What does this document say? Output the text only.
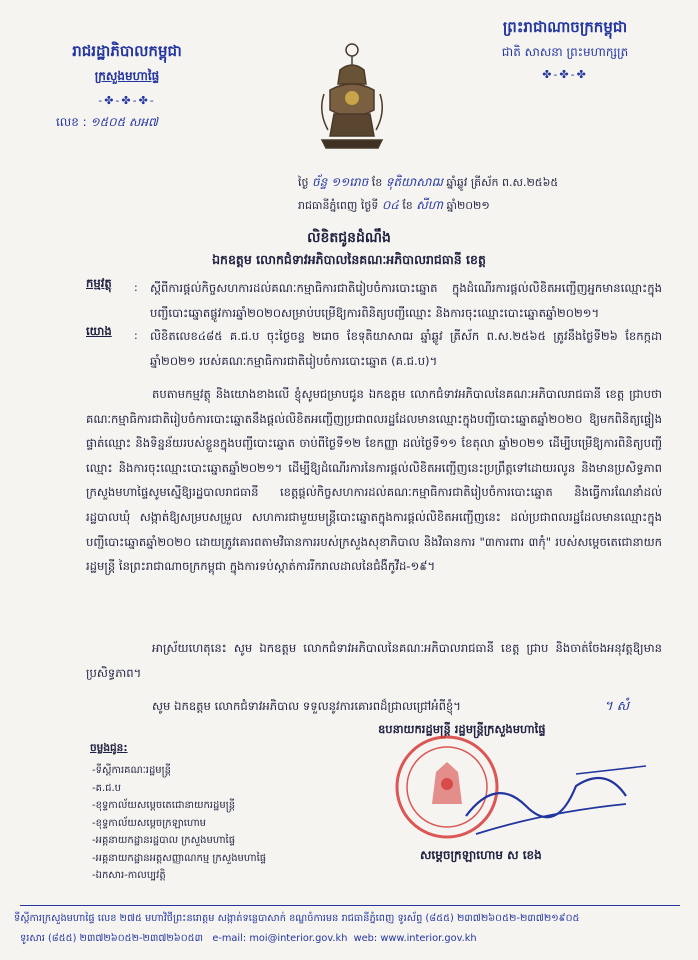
រាជរដ្ឋាភិបាលកម្ពុជា
ក្រសួងមហាផ្ទៃ
-✤-✤-✤-
លេខ : ១៥០៥ សអ៧
ព្រះរាជាណាចក្រកម្ពុជា
ជាតិ សាសនា ព្រះមហាក្សត្រ
✤-✤-✤
ថ្ងៃ ច័ន្ទ ១១រោច ខែ ទុតិយាសាឍ ឆ្នាំឆ្លូវ ត្រីស័ក ព.ស.២៥៦៥
រាជធានីភ្នំពេញ ថ្ងៃទី ០៤ ខែ សីហា ឆ្នាំ២០២១
លិខិតជូនដំណឹង
ឯកឧត្តម លោកជំទាវអភិបាលនៃគណៈអភិបាលរាជធានី ខេត្ត
កម្មវត្ថុ : ស្តីពីការផ្តល់កិច្ចសហការដល់គណៈកម្មាធិការជាតិរៀបចំការបោះឆ្នោត ក្នុងដំណើរការផ្តល់លិខិតអញ្ជើញអ្នកមានឈ្មោះក្នុងបញ្ជីបោះឆ្នោតផ្លូវការឆ្នាំ២០២០សម្រាប់បម្រើឱ្យការពិនិត្យបញ្ជីឈ្មោះ និងការចុះឈ្មោះបោះឆ្នោតឆ្នាំ២០២១។
យោង : លិខិតលេខ៤៨៥ គ.ជ.ប ចុះថ្ងៃចន្ទ ២រោច ខែទុតិយាសាឍ ឆ្នាំឆ្លូវ ត្រីស័ក ព.ស.២៥៦៥ ត្រូវនឹងថ្ងៃទី២៦ ខែកក្កដា ឆ្នាំ២០២១ របស់គណៈកម្មាធិការជាតិរៀបចំការបោះឆ្នោត (គ.ជ.ប)។
តបតាមកម្មវត្ថុ និងយោងខាងលើ ខ្ញុំសូមជម្រាបជូន ឯកឧត្តម លោកជំទាវអភិបាលនៃគណៈអភិបាលរាជធានី ខេត្ត ជ្រាបថា គណៈកម្មាធិការជាតិរៀបចំការបោះឆ្នោតនឹងផ្តល់លិខិតអញ្ជើញប្រជាពលរដ្ឋដែលមានឈ្មោះក្នុងបញ្ជីបោះឆ្នោតឆ្នាំ២០២០ ឱ្យមកពិនិត្យផ្ទៀងផ្ទាត់ឈ្មោះ និងទិន្នន័យរបស់ខ្លួនក្នុងបញ្ជីបោះឆ្នោត ចាប់ពីថ្ងៃទី១២ ខែកញ្ញា ដល់ថ្ងៃទី១១ ខែតុលា ឆ្នាំ២០២១ ដើម្បីបម្រើឱ្យការពិនិត្យបញ្ជីឈ្មោះ និងការចុះឈ្មោះបោះឆ្នោតឆ្នាំ២០២១។ ដើម្បីឱ្យដំណើរការនៃការផ្តល់លិខិតអញ្ជើញនេះប្រព្រឹត្តទៅដោយរលូន និងមានប្រសិទ្ធភាព ក្រសួងមហាផ្ទៃសូមស្នើឱ្យរដ្ឋបាលរាជធានី ខេត្តផ្តល់កិច្ចសហការដល់គណៈកម្មាធិការជាតិរៀបចំការបោះឆ្នោត និងធ្វើការណែនាំដល់រដ្ឋបាលឃុំ សង្កាត់ឱ្យសម្របសម្រួល សហការជាមួយមន្ត្រីបោះឆ្នោតក្នុងការផ្តល់លិខិតអញ្ជើញនេះ ដល់ប្រជាពលរដ្ឋដែលមានឈ្មោះក្នុងបញ្ជីបោះឆ្នោតឆ្នាំ២០២០ ដោយត្រូវគោរពតាមវិធានការរបស់ក្រសួងសុខាភិបាល និងវិធានការ "៣ការពារ ៣កុំ" របស់សម្តេចតេជោនាយករដ្ឋមន្ត្រី នៃព្រះរាជាណាចក្រកម្ពុជា ក្នុងការទប់ស្កាត់ការរីករាលដាលនៃជំងឺកូវីដ-១៩។
អាស្រ័យហេតុនេះ សូម ឯកឧត្តម លោកជំទាវអភិបាលនៃគណៈអភិបាលរាជធានី ខេត្ត ជ្រាប និងចាត់ចែងអនុវត្តឱ្យមានប្រសិទ្ធភាព។
សូម ឯកឧត្តម លោកជំទាវអភិបាល ទទួលនូវការគោរពដ៏ជ្រាលជ្រៅអំពីខ្ញុំ។	។ សំ
ឧបនាយករដ្ឋមន្ត្រី រដ្ឋមន្ត្រីក្រសួងមហាផ្ទៃ
សម្តេចក្រឡាហោម ស ខេង
ចម្លងជូន:
-ទីស្តីការគណៈរដ្ឋមន្ត្រី
-គ.ជ.ប
-ខុទ្ទកាល័យសម្តេចតេជោនាយករដ្ឋមន្ត្រី
-ខុទ្ទកាល័យសម្តេចក្រឡាហោម
-អគ្គនាយកដ្ឋានរដ្ឋបាល ក្រសួងមហាផ្ទៃ
-អគ្គនាយកដ្ឋានអត្តសញ្ញាណកម្ម ក្រសួងមហាផ្ទៃ
-ឯកសារ-កាលប្បវត្តិ
ទីស្តីការក្រសួងមហាផ្ទៃ លេខ ២៧៥ មហាវិថីព្រះនរោត្តម សង្កាត់ទន្លេបាសាក់ ខណ្ឌចំការមន រាជធានីភ្នំពេញ ទូរស័ព្ទ (៨៥៥) ២៣៧២៦០៥២-២៣៧២១៩០៥
ទូរសារ (៨៥៥) ២៣៧២៦០៥២-២៣៧២៦០៥៣ e-mail: moi@interior.gov.kh web: www.interior.gov.kh
